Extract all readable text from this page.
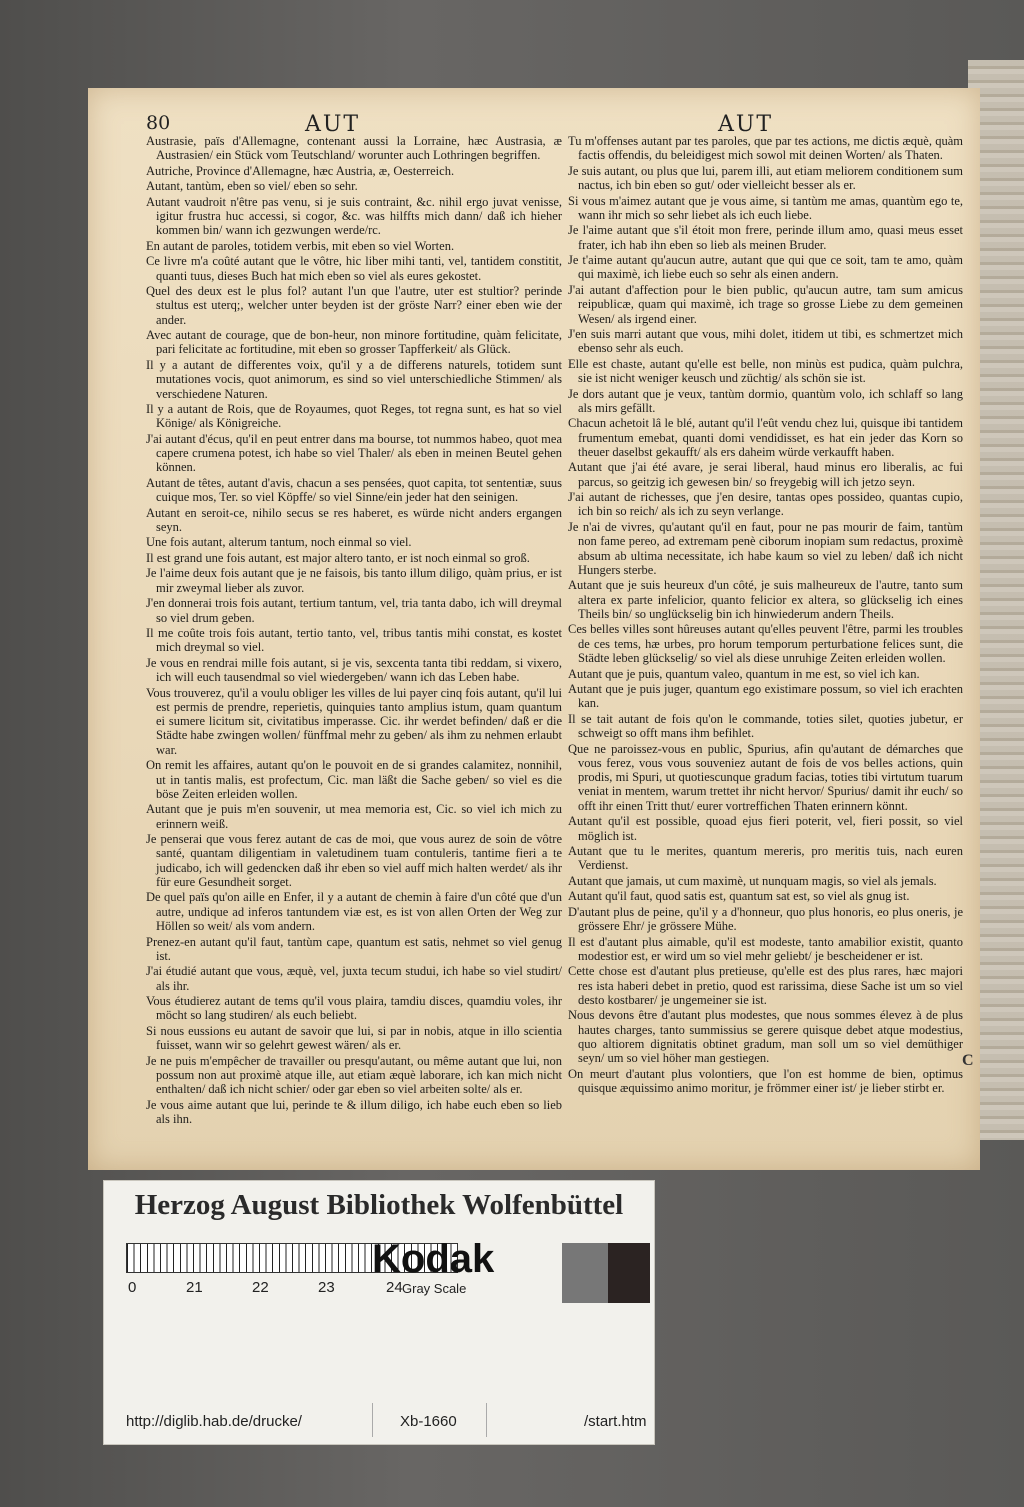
80	AUT	AUT
Austrasie, païs d'Allemagne, contenant aussi la Lorraine, hæc Austrasia, æ Austrasien/ ein Stück vom Teutschland/ worunter auch Lothringen begriffen.
Autriche, Province d'Allemagne, hæc Austria, æ, Oesterreich.
Autant, tantùm, eben so viel/ eben so sehr.
Autant vaudroit n'être pas venu, si je suis contraint, &c. nihil ergo juvat venisse, igitur frustra huc accessi, si cogor, &c. was hilffts mich dann/ daß ich hieher kommen bin/ wann ich gezwungen werde/rc.
En autant de paroles, totidem verbis, mit eben so viel Worten.
Ce livre m'a coûté autant que le vôtre, hic liber mihi tanti, vel, tantidem constitit, quanti tuus, dieses Buch hat mich eben so viel als eures gekostet.
Quel des deux est le plus fol? autant l'un que l'autre, uter est stultior? perinde stultus est uterq;, welcher unter beyden ist der gröste Narr? einer eben wie der ander.
Avec autant de courage, que de bon-heur, non minore fortitudine, quàm felicitate, pari felicitate ac fortitudine, mit eben so grosser Tapfferkeit/ als Glück.
Il y a autant de differentes voix, qu'il y a de differens naturels, totidem sunt mutationes vocis, quot animorum, es sind so viel unterschiedliche Stimmen/ als verschiedene Naturen.
Il y a autant de Rois, que de Royaumes, quot Reges, tot regna sunt, es hat so viel Könige/ als Königreiche.
J'ai autant d'écus, qu'il en peut entrer dans ma bourse, tot nummos habeo, quot mea capere crumena potest, ich habe so viel Thaler/ als eben in meinen Beutel gehen können.
Autant de têtes, autant d'avis, chacun a ses pensées, quot capita, tot sententiæ, suus cuique mos, Ter. so viel Köpffe/ so viel Sinne/ein jeder hat den seinigen.
Autant en seroit-ce, nihilo secus se res haberet, es würde nicht anders ergangen seyn.
Une fois autant, alterum tantum, noch einmal so viel.
Il est grand une fois autant, est major altero tanto, er ist noch einmal so groß.
Je l'aime deux fois autant que je ne faisois, bis tanto illum diligo, quàm prius, er ist mir zweymal lieber als zuvor.
J'en donnerai trois fois autant, tertium tantum, vel, tria tanta dabo, ich will dreymal so viel drum geben.
Il me coûte trois fois autant, tertio tanto, vel, tribus tantis mihi constat, es kostet mich dreymal so viel.
Je vous en rendrai mille fois autant, si je vis, sexcenta tanta tibi reddam, si vixero, ich will euch tausendmal so viel wiedergeben/ wann ich das Leben habe.
Vous trouverez, qu'il a voulu obliger les villes de lui payer cinq fois autant, qu'il lui est permis de prendre, reperietis, quinquies tanto amplius istum, quam quantum ei sumere licitum sit, civitatibus imperasse. Cic. ihr werdet befinden/ daß er die Städte habe zwingen wollen/ fünffmal mehr zu geben/ als ihm zu nehmen erlaubt war.
On remit les affaires, autant qu'on le pouvoit en de si grandes calamitez, nonnihil, ut in tantis malis, est profectum, Cic. man läßt die Sache geben/ so viel es die böse Zeiten erleiden wollen.
Autant que je puis m'en souvenir, ut mea memoria est, Cic. so viel ich mich zu erinnern weiß.
Je penserai que vous ferez autant de cas de moi, que vous aurez de soin de vôtre santé, quantam diligentiam in valetudinem tuam contuleris, tantime fieri a te judicabo, ich will gedencken daß ihr eben so viel auff mich halten werdet/ als ihr für eure Gesundheit sorget.
De quel païs qu'on aille en Enfer, il y a autant de chemin à faire d'un côté que d'un autre, undique ad inferos tantundem viæ est, es ist von allen Orten der Weg zur Höllen so weit/ als vom andern.
Prenez-en autant qu'il faut, tantùm cape, quantum est satis, nehmet so viel genug ist.
J'ai étudié autant que vous, æquè, vel, juxta tecum studui, ich habe so viel studirt/ als ihr.
Vous étudierez autant de tems qu'il vous plaira, tamdiu disces, quamdiu voles, ihr möcht so lang studiren/ als euch beliebt.
Si nous eussions eu autant de savoir que lui, si par in nobis, atque in illo scientia fuisset, wann wir so gelehrt gewest wären/ als er.
Je ne puis m'empêcher de travailler ou presqu'autant, ou même autant que lui, non possum non aut proximè atque ille, aut etiam æquè laborare, ich kan mich nicht enthalten/ daß ich nicht schier/ oder gar eben so viel arbeiten solte/ als er.
Je vous aime autant que lui, perinde te & illum diligo, ich habe euch eben so lieb als ihn.
Tu m'offenses autant par tes paroles, que par tes actions, me dictis æquè, quàm factis offendis, du beleidigest mich sowol mit deinen Worten/ als Thaten.
Je suis autant, ou plus que lui, parem illi, aut etiam meliorem conditionem sum nactus, ich bin eben so gut/ oder vielleicht besser als er.
Si vous m'aimez autant que je vous aime, si tantùm me amas, quantùm ego te, wann ihr mich so sehr liebet als ich euch liebe.
Je l'aime autant que s'il étoit mon frere, perinde illum amo, quasi meus esset frater, ich hab ihn eben so lieb als meinen Bruder.
Je t'aime autant qu'aucun autre, autant que qui que ce soit, tam te amo, quàm qui maximè, ich liebe euch so sehr als einen andern.
J'ai autant d'affection pour le bien public, qu'aucun autre, tam sum amicus reipublicæ, quam qui maximè, ich trage so grosse Liebe zu dem gemeinen Wesen/ als irgend einer.
J'en suis marri autant que vous, mihi dolet, itidem ut tibi, es schmertzet mich ebenso sehr als euch.
Elle est chaste, autant qu'elle est belle, non minùs est pudica, quàm pulchra, sie ist nicht weniger keusch und züchtig/ als schön sie ist.
Je dors autant que je veux, tantùm dormio, quantùm volo, ich schlaff so lang als mirs gefällt.
Chacun achetoit lâ le blé, autant qu'il l'eût vendu chez lui, quisque ibi tantidem frumentum emebat, quanti domi vendidisset, es hat ein jeder das Korn so theuer daselbst gekaufft/ als ers daheim würde verkaufft haben.
Autant que j'ai été avare, je serai liberal, haud minus ero liberalis, ac fui parcus, so geitzig ich gewesen bin/ so freygebig will ich jetzo seyn.
J'ai autant de richesses, que j'en desire, tantas opes possideo, quantas cupio, ich bin so reich/ als ich zu seyn verlange.
Je n'ai de vivres, qu'autant qu'il en faut, pour ne pas mourir de faim, tantùm non fame pereo, ad extremam penè ciborum inopiam sum redactus, proximè absum ab ultima necessitate, ich habe kaum so viel zu leben/ daß ich nicht Hungers sterbe.
Autant que je suis heureux d'un côté, je suis malheureux de l'autre, tanto sum altera ex parte infelicior, quanto felicior ex altera, so glückselig ich eines Theils bin/ so unglückselig bin ich hinwiederum andern Theils.
Ces belles villes sont hûreuses autant qu'elles peuvent l'être, parmi les troubles de ces tems, hæ urbes, pro horum temporum perturbatione felices sunt, die Städte leben glückselig/ so viel als diese unruhige Zeiten erleiden wollen.
Autant que je puis, quantum valeo, quantum in me est, so viel ich kan.
Autant que je puis juger, quantum ego existimare possum, so viel ich erachten kan.
Il se tait autant de fois qu'on le commande, toties silet, quoties jubetur, er schweigt so offt mans ihm befihlet.
Que ne paroissez-vous en public, Spurius, afin qu'autant de démarches que vous ferez, vous vous souveniez autant de fois de vos belles actions, quin prodis, mi Spuri, ut quotiescunque gradum facias, toties tibi virtutum tuarum veniat in mentem, warum trettet ihr nicht hervor/ Spurius/ damit ihr euch/ so offt ihr einen Tritt thut/ eurer vortreffichen Thaten erinnern könnt.
Autant qu'il est possible, quoad ejus fieri poterit, vel, fieri possit, so viel möglich ist.
Autant que tu le merites, quantum mereris, pro meritis tuis, nach euren Verdienst.
Autant que jamais, ut cum maximè, ut nunquam magis, so viel als jemals.
Autant qu'il faut, quod satis est, quantum sat est, so viel als gnug ist.
D'autant plus de peine, qu'il y a d'honneur, quo plus honoris, eo plus oneris, je grössere Ehr/ je grössere Mühe.
Il est d'autant plus aimable, qu'il est modeste, tanto amabilior existit, quanto modestior est, er wird um so viel mehr geliebt/ je bescheidener er ist.
Cette chose est d'autant plus pretieuse, qu'elle est des plus rares, hæc majori res ista haberi debet in pretio, quod est rarissima, diese Sache ist um so viel desto kostbarer/ je ungemeiner sie ist.
Nous devons être d'autant plus modestes, que nous sommes élevez à de plus hautes charges, tanto summissius se gerere quisque debet atque modestius, quo altiorem dignitatis obtinet gradum, man soll um so viel demüthiger seyn/ um so viel höher man gestiegen.
On meurt d'autant plus volontiers, que l'on est homme de bien, optimus quisque æquissimo animo moritur, je frömmer einer ist/ je lieber stirbt er.
C
Herzog August Bibliothek Wolfenbüttel
0	21	22	23	24
Kodak
Gray Scale
http://diglib.hab.de/drucke/	Xb-1660	/start.htm
